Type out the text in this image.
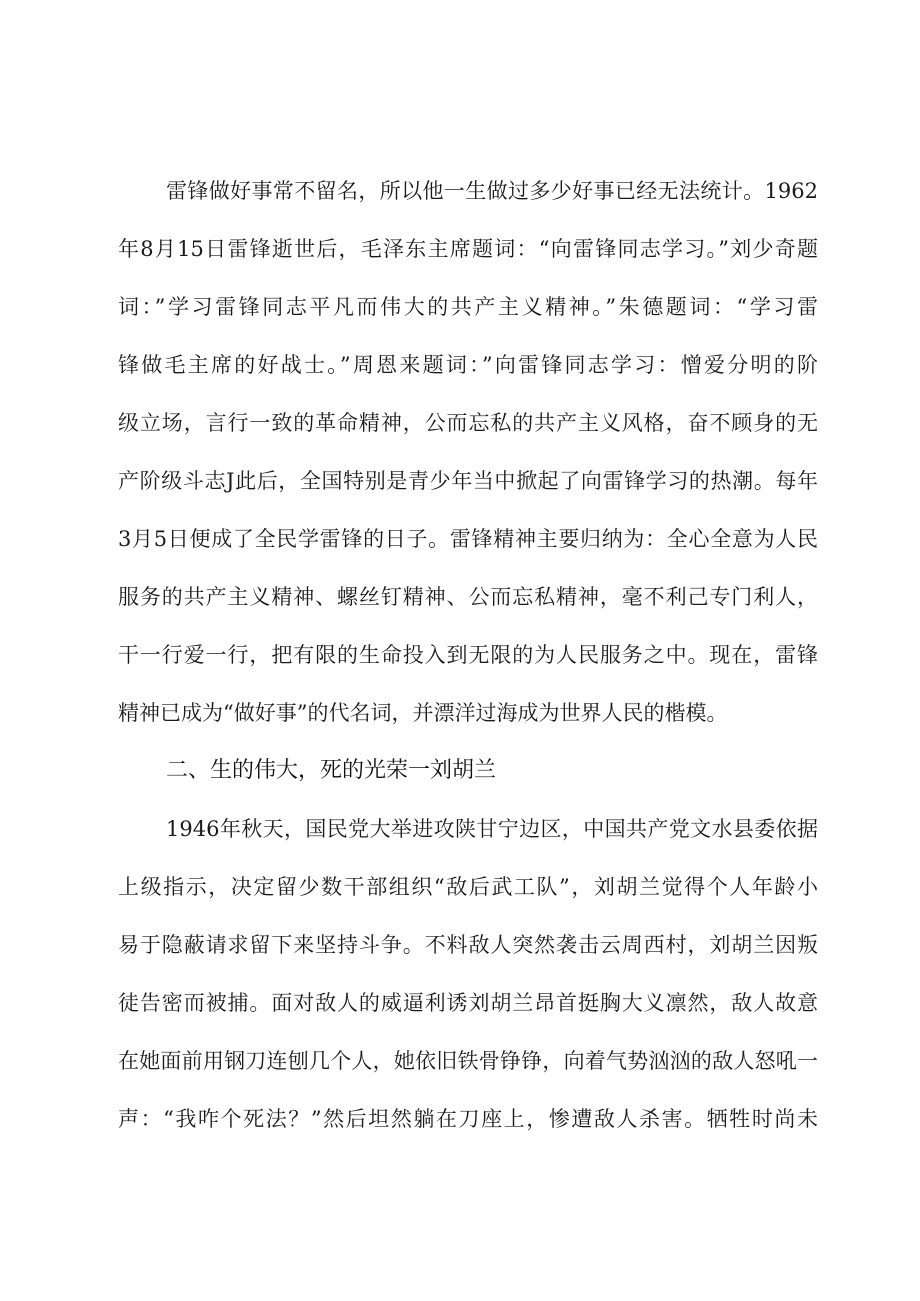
雷锋做好事常不留名，所以他一生做过多少好事已经无法统计。1962
年8月15日雷锋逝世后，毛泽东主席题词：“向雷锋同志学习。”刘少奇题
词：”学习雷锋同志平凡而伟大的共产主义精神。”朱德题词：“学习雷
锋做毛主席的好战士。”周恩来题词：”向雷锋同志学习：憎爱分明的阶
级立场，言行一致的革命精神，公而忘私的共产主义风格，奋不顾身的无
产阶级斗志J此后，全国特别是青少年当中掀起了向雷锋学习的热潮。每年
3月5日便成了全民学雷锋的日子。雷锋精神主要归纳为：全心全意为人民
服务的共产主义精神、螺丝钉精神、公而忘私精神，毫不利己专门利人，
干一行爱一行，把有限的生命投入到无限的为人民服务之中。现在，雷锋
精神已成为“做好事”的代名词，并漂洋过海成为世界人民的楷模。
二、生的伟大，死的光荣一刘胡兰
1946年秋天，国民党大举进攻陕甘宁边区，中国共产党文水县委依据
上级指示，决定留少数干部组织“敌后武工队”，刘胡兰觉得个人年龄小
易于隐蔽请求留下来坚持斗争。不料敌人突然袭击云周西村，刘胡兰因叛
徒告密而被捕。面对敌人的威逼利诱刘胡兰昂首挺胸大义凛然，敌人故意
在她面前用钢刀连刨几个人，她依旧铁骨铮铮，向着气势汹汹的敌人怒吼一
声：“我咋个死法？”然后坦然躺在刀座上，惨遭敌人杀害。牺牲时尚未
